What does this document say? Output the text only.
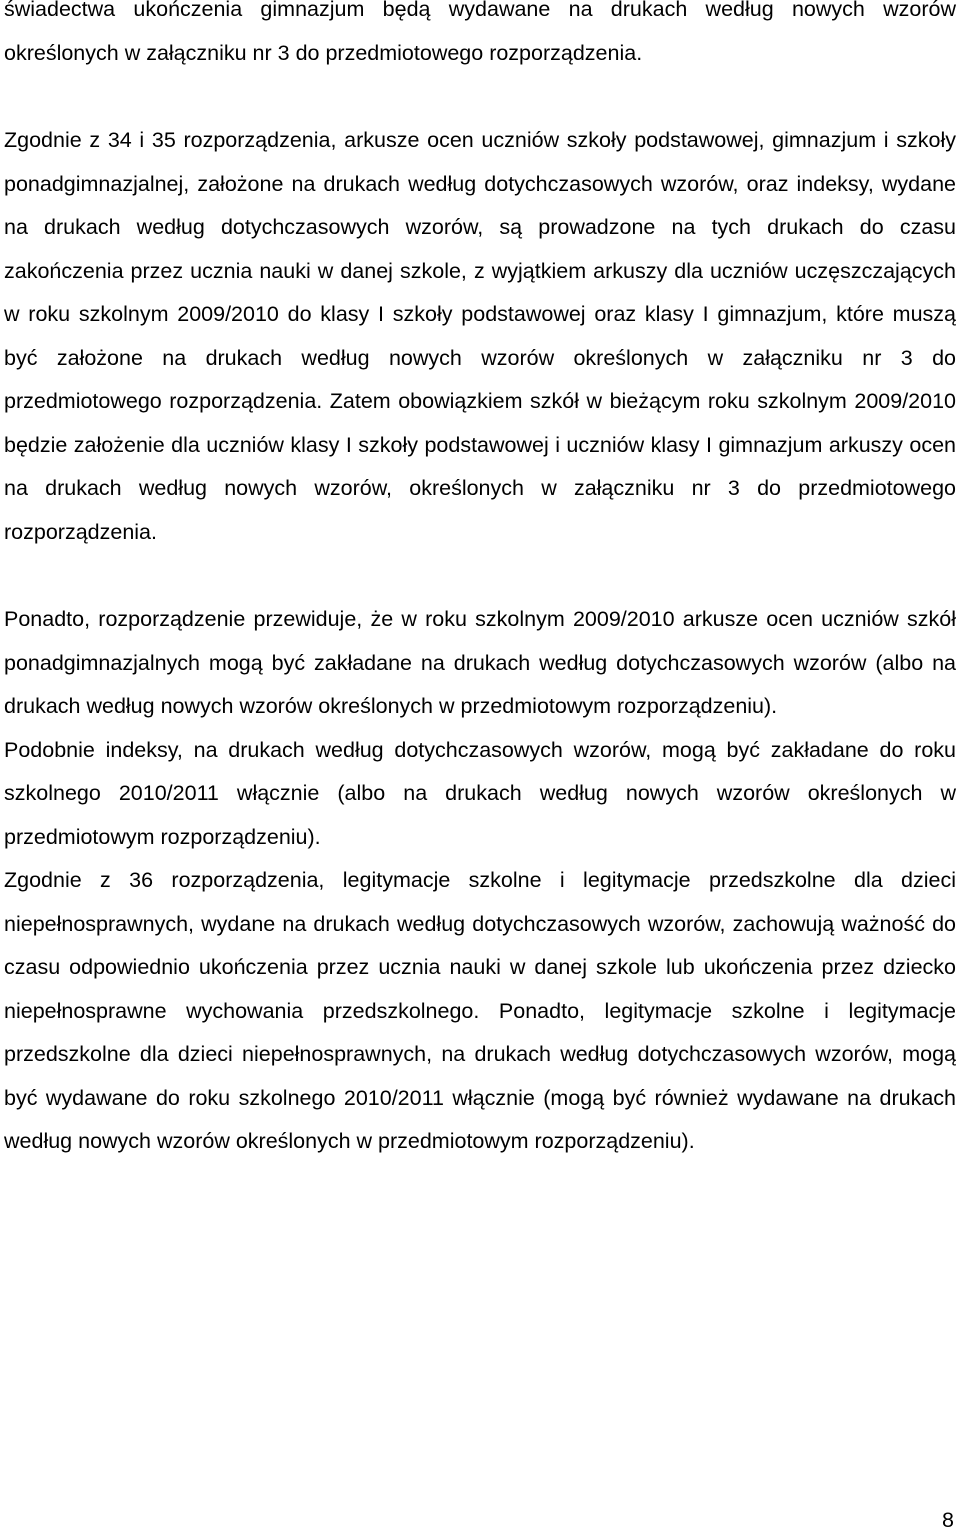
świadectwa ukończenia gimnazjum będą wydawane na drukach według nowych wzorów określonych w załączniku nr 3 do przedmiotowego rozporządzenia.

Zgodnie z 34 i 35 rozporządzenia, arkusze ocen uczniów szkoły podstawowej, gimnazjum i szkoły ponadgimnazjalnej, założone na drukach według dotychczasowych wzorów, oraz indeksy, wydane na drukach według dotychczasowych wzorów, są prowadzone na tych drukach do czasu zakończenia przez ucznia nauki w danej szkole, z wyjątkiem arkuszy dla uczniów uczęszczających w roku szkolnym 2009/2010 do klasy I szkoły podstawowej oraz klasy I gimnazjum, które muszą być założone na drukach według nowych wzorów określonych w załączniku nr 3 do przedmiotowego rozporządzenia. Zatem obowiązkiem szkół w bieżącym roku szkolnym 2009/2010 będzie założenie dla uczniów klasy I szkoły podstawowej i uczniów klasy I gimnazjum arkuszy ocen na drukach według nowych wzorów, określonych w załączniku nr 3 do przedmiotowego rozporządzenia.

Ponadto, rozporządzenie przewiduje, że w roku szkolnym 2009/2010 arkusze ocen uczniów szkół ponadgimnazjalnych mogą być zakładane na drukach według dotychczasowych wzorów (albo na drukach według nowych wzorów określonych w przedmiotowym rozporządzeniu).

Podobnie indeksy, na drukach według dotychczasowych wzorów, mogą być zakładane do roku szkolnego 2010/2011 włącznie (albo na drukach według nowych wzorów określonych w przedmiotowym rozporządzeniu).

Zgodnie z 36 rozporządzenia, legitymacje szkolne i legitymacje przedszkolne dla dzieci niepełnosprawnych, wydane na drukach według dotychczasowych wzorów, zachowują ważność do czasu odpowiednio ukończenia przez ucznia nauki w danej szkole lub ukończenia przez dziecko niepełnosprawne wychowania przedszkolnego. Ponadto, legitymacje szkolne i legitymacje przedszkolne dla dzieci niepełnosprawnych, na drukach według dotychczasowych wzorów, mogą być wydawane do roku szkolnego 2010/2011 włącznie (mogą być również wydawane na drukach według nowych wzorów określonych w przedmiotowym rozporządzeniu).

8
